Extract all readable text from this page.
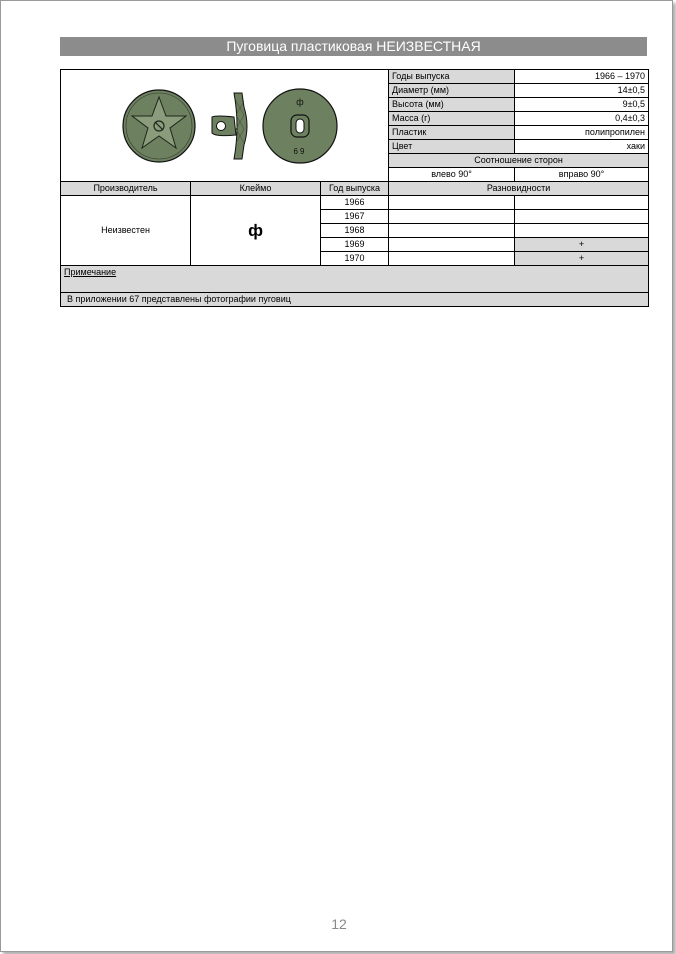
Пуговица пластиковая НЕИЗВЕСТНАЯ
ф
69			Годы выпуска	1966 – 1970
			Диаметр (мм)	14±0,5
			Высота (мм)	9±0,5
			Масса (г)	0,4±0,3
			Пластик	полипропилен
			Цвет	хаки
			Соотношение сторон	
			влево 90°	вправо 90°
Производитель	Клеймо	Год выпуска	Разновидности	
Неизвестен	ф	1966		
		1967		
		1968		
		1969		+
		1970		+
Примечание				
В приложении 67 представлены фотографии пуговиц				
12
